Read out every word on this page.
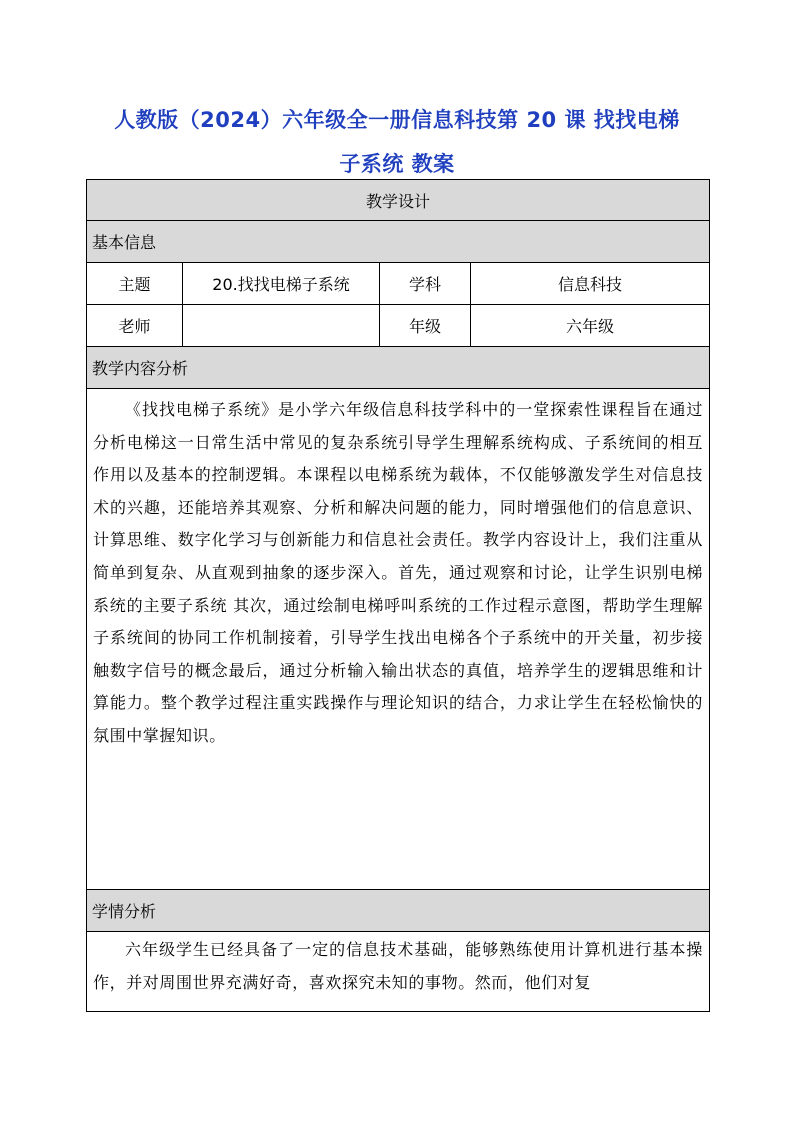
人教版（2024）六年级全一册信息科技第 20 课 找找电梯
子系统 教案
教学设计			
基本信息			
主题	20.找找电梯子系统	学科	信息科技
老师		年级	六年级
教学内容分析			
《找找电梯子系统》是小学六年级信息科技学科中的一堂探索性课程旨在通过分析电梯这一日常生活中常见的复杂系统引导学生理解系统构成、子系统间的相互作用以及基本的控制逻辑。本课程以电梯系统为载体，不仅能够激发学生对信息技术的兴趣，还能培养其观察、分析和解决问题的能力，同时增强他们的信息意识、计算思维、数字化学习与创新能力和信息社会责任。教学内容设计上，我们注重从简单到复杂、从直观到抽象的逐步深入。首先，通过观察和讨论，让学生识别电梯系统的主要子系统 其次，通过绘制电梯呼叫系统的工作过程示意图，帮助学生理解子系统间的协同工作机制接着，引导学生找出电梯各个子系统中的开关量，初步接触数字信号的概念最后，通过分析输入输出状态的真值，培养学生的逻辑思维和计算能力。整个教学过程注重实践操作与理论知识的结合，力求让学生在轻松愉快的氛围中掌握知识。			
学情分析			
六年级学生已经具备了一定的信息技术基础，能够熟练使用计算机进行基本操作，并对周围世界充满好奇，喜欢探究未知的事物。然而，他们对复			
